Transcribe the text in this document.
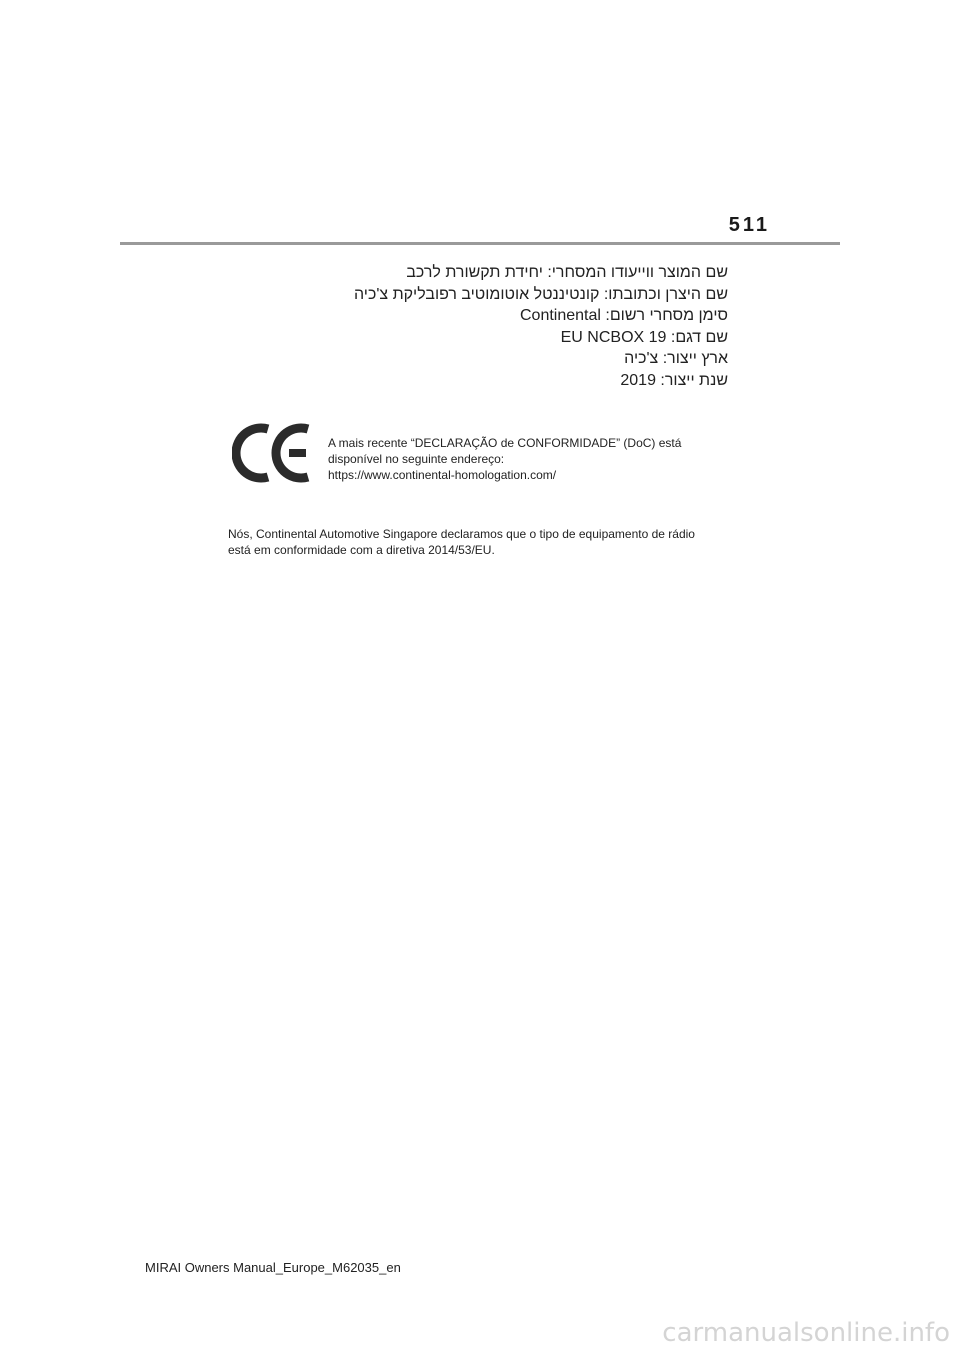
511
שם המוצר ווייעודו המסחרי: יחידת תקשורת לרכב
שם היצרן וכתובתו: קונטיננטל אוטומוטיב רפובליקת צ'כיה
סימן מסחרי רשום: Continental
שם דגם: EU NCBOX 19
ארץ ייצור: צ'כיה
שנת ייצור: 2019
A mais recente “DECLARAÇÃO de CONFORMIDADE” (DoC) está
disponível no seguinte endereço:
https://www.continental-homologation.com/
Nós, Continental Automotive Singapore declaramos que o tipo de equipamento de rádio
está em conformidade com a diretiva 2014/53/EU.
MIRAI Owners Manual_Europe_M62035_en
carmanualsonline.info
